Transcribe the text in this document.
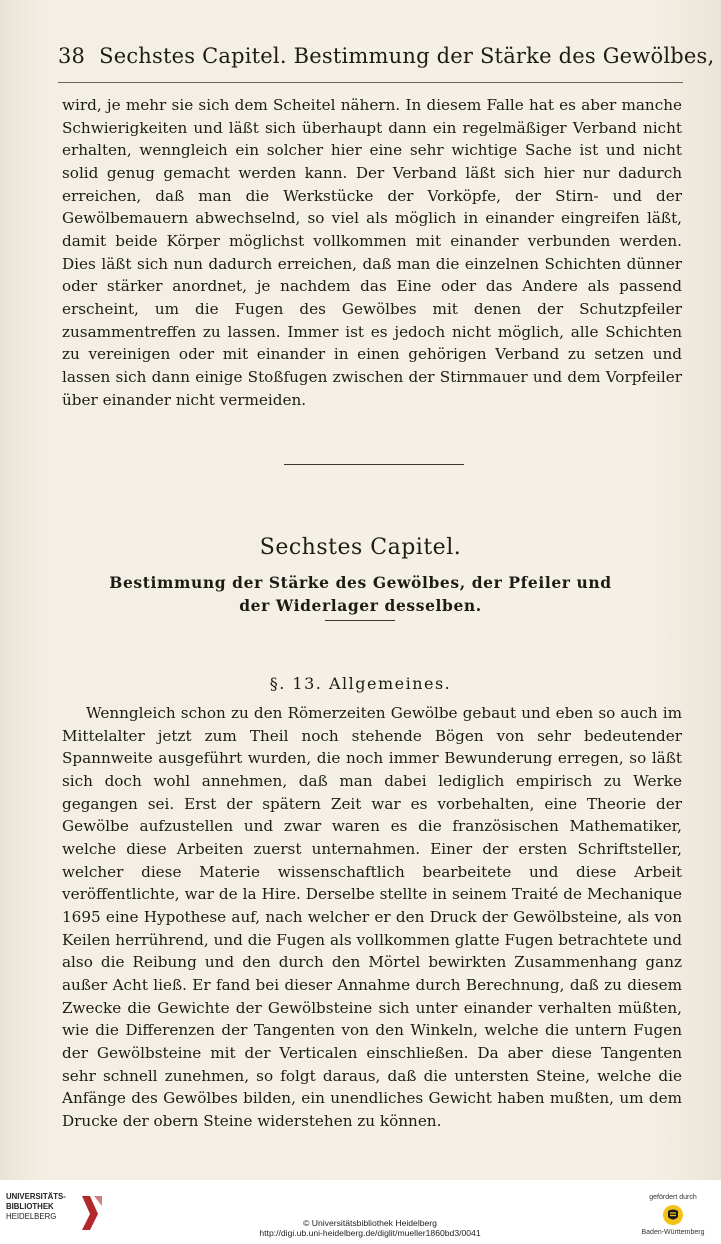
38 Sechstes Capitel. Bestimmung der Stärke des Gewölbes,

wird, je mehr sie sich dem Scheitel nähern. In diesem Falle hat es aber manche Schwierigkeiten und läßt sich überhaupt dann ein regelmäßiger Verband nicht erhalten, wenngleich ein solcher hier eine sehr wichtige Sache ist und nicht solid genug gemacht werden kann. Der Verband läßt sich hier nur dadurch erreichen, daß man die Werkstücke der Vorköpfe, der Stirn- und der Gewölbemauern abwechselnd, so viel als möglich in einander eingreifen läßt, damit beide Körper möglichst vollkommen mit einander verbunden werden. Dies läßt sich nun dadurch erreichen, daß man die einzelnen Schichten dünner oder stärker anordnet, je nachdem das Eine oder das Andere als passend erscheint, um die Fugen des Gewölbes mit denen der Schutzpfeiler zusammentreffen zu lassen. Immer ist es jedoch nicht möglich, alle Schichten zu vereinigen oder mit einander in einen gehörigen Verband zu setzen und lassen sich dann einige Stoßfugen zwischen der Stirnmauer und dem Vorpfeiler über einander nicht vermeiden.

Sechstes Capitel.
Bestimmung der Stärke des Gewölbes, der Pfeiler und
der Widerlager desselben.
§. 13. Allgemeines.

Wenngleich schon zu den Römerzeiten Gewölbe gebaut und eben so auch im Mittelalter jetzt zum Theil noch stehende Bögen von sehr bedeutender Spannweite ausgeführt wurden, die noch immer Bewunderung erregen, so läßt sich doch wohl annehmen, daß man dabei lediglich empirisch zu Werke gegangen sei. Erst der spätern Zeit war es vorbehalten, eine Theorie der Gewölbe aufzustellen und zwar waren es die französischen Mathematiker, welche diese Arbeiten zuerst unternahmen. Einer der ersten Schriftsteller, welcher diese Materie wissenschaftlich bearbeitete und diese Arbeit veröffentlichte, war de la Hire. Derselbe stellte in seinem Traité de Mechanique 1695 eine Hypothese auf, nach welcher er den Druck der Gewölbsteine, als von Keilen herrührend, und die Fugen als vollkommen glatte Fugen betrachtete und also die Reibung und den durch den Mörtel bewirkten Zusammenhang ganz außer Acht ließ. Er fand bei dieser Annahme durch Berechnung, daß zu diesem Zwecke die Gewichte der Gewölbsteine sich unter einander verhalten müßten, wie die Differenzen der Tangenten von den Winkeln, welche die untern Fugen der Gewölbsteine mit der Verticalen einschließen. Da aber diese Tangenten sehr schnell zunehmen, so folgt daraus, daß die untersten Steine, welche die Anfänge des Gewölbes bilden, ein unendliches Gewicht haben mußten, um dem Drucke der obern Steine widerstehen zu können.

UNIVERSITÄTS-
BIBLIOTHEK
HEIDELBERG
© Universitätsbibliothek Heidelberg
http://digi.ub.uni-heidelberg.de/diglit/mueller1860bd3/0041
gefördert durch
Baden-Württemberg
